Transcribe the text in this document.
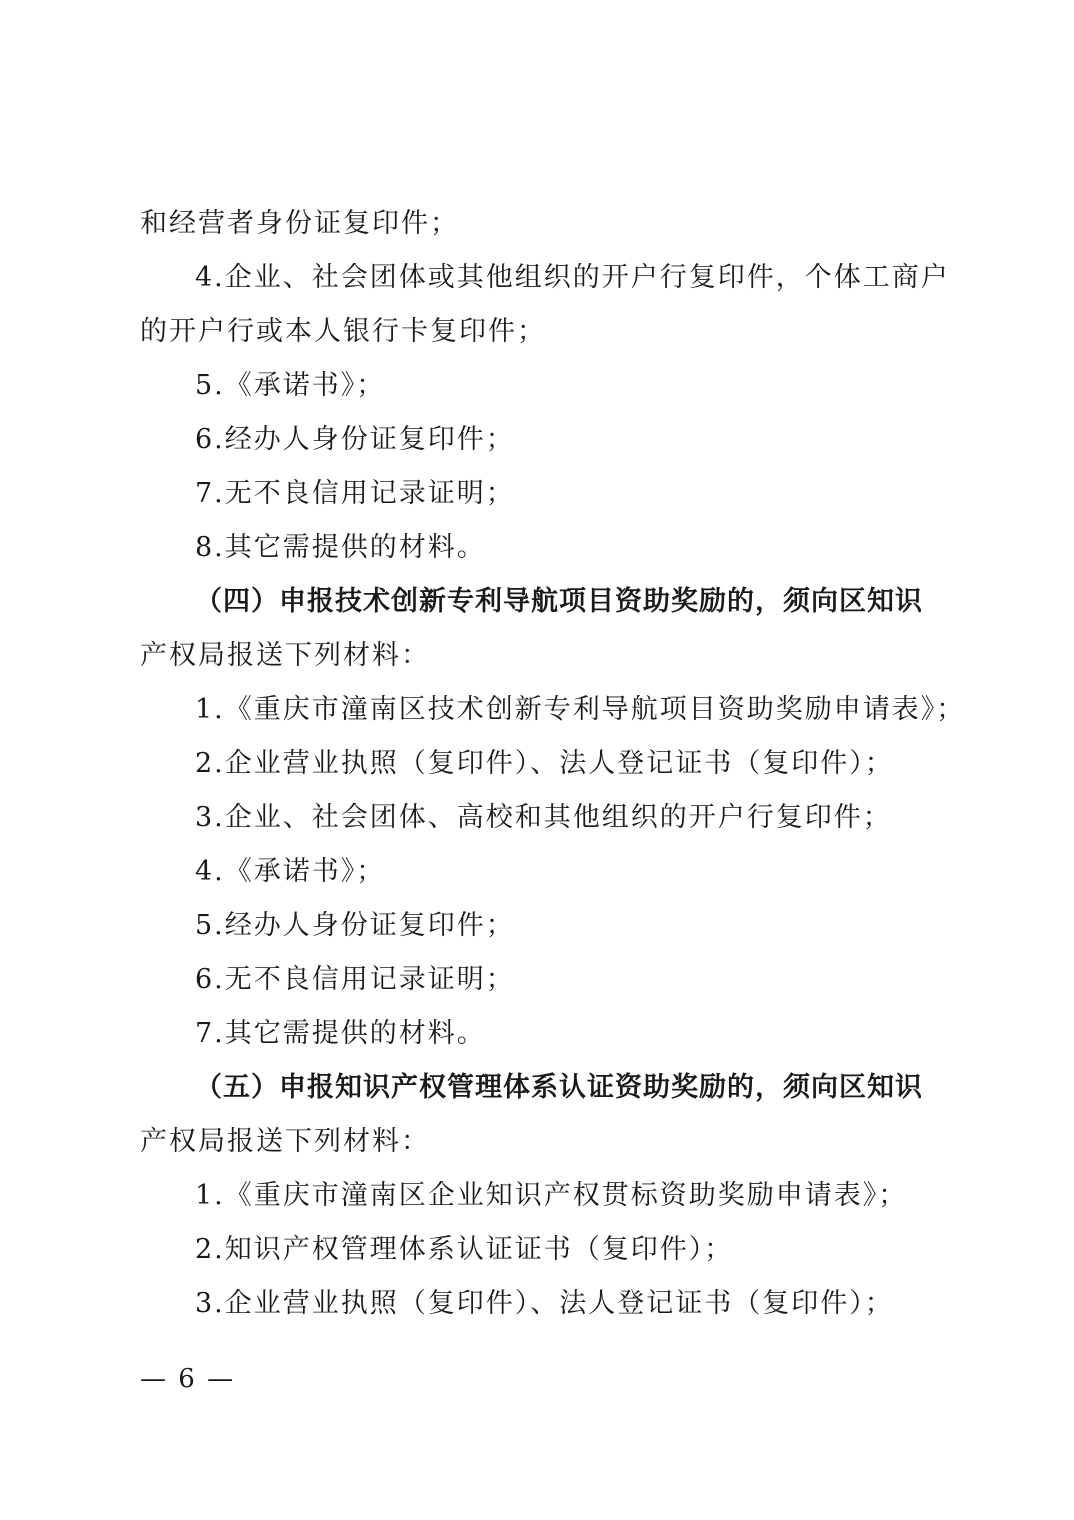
和经营者身份证复印件；
4.企业、社会团体或其他组织的开户行复印件，个体工商户
的开户行或本人银行卡复印件；
5.《承诺书》；
6.经办人身份证复印件；
7.无不良信用记录证明；
8.其它需提供的材料。
（四）申报技术创新专利导航项目资助奖励的，须向区知识
产权局报送下列材料：
1.《重庆市潼南区技术创新专利导航项目资助奖励申请表》；
2.企业营业执照（复印件）、法人登记证书（复印件）；
3.企业、社会团体、高校和其他组织的开户行复印件；
4.《承诺书》；
5.经办人身份证复印件；
6.无不良信用记录证明；
7.其它需提供的材料。
（五）申报知识产权管理体系认证资助奖励的，须向区知识
产权局报送下列材料：
1.《重庆市潼南区企业知识产权贯标资助奖励申请表》；
2.知识产权管理体系认证证书（复印件）；
3.企业营业执照（复印件）、法人登记证书（复印件）；
— 6 —
